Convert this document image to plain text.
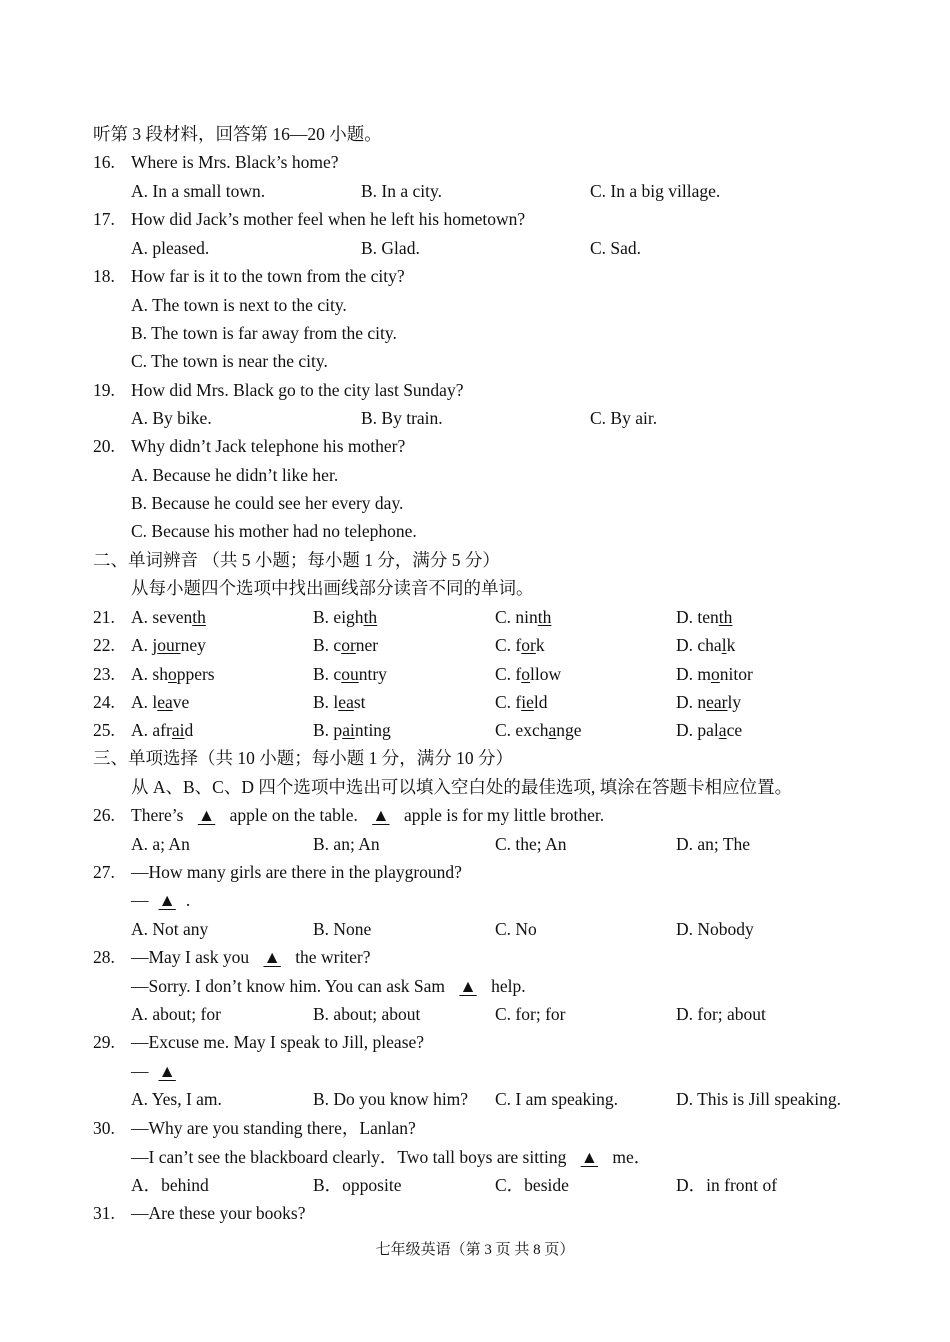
听第 3 段材料，回答第 16—20 小题。
16. Where is Mrs. Black’s home?
A. In a small town.	B. In a city.	C. In a big village.
17. How did Jack’s mother feel when he left his hometown?
A. pleased.	B. Glad.	C. Sad.
18. How far is it to the town from the city?
A. The town is next to the city.
B. The town is far away from the city.
C. The town is near the city.
19. How did Mrs. Black go to the city last Sunday?
A. By bike.	B. By train.	C. By air.
20. Why didn’t Jack telephone his mother?
A. Because he didn’t like her.
B. Because he could see her every day.
C. Because his mother had no telephone.
二、单词辨音 （共 5 小题；每小题 1 分，满分 5 分）
从每小题四个选项中找出画线部分读音不同的单词。
21. A. seventh	B. eighth	C. ninth	D. tenth
22. A. journey	B. corner	C. fork	D. chalk
23. A. shoppers	B. country	C. follow	D. monitor
24. A. leave	B. least	C. field	D. nearly
25. A. afraid	B. painting	C. exchange	D. palace
三、单项选择（共 10 小题；每小题 1 分，满分 10 分）
从 A、B、C、D 四个选项中选出可以填入空白处的最佳选项, 填涂在答题卡相应位置。
26. There’s ▲ apple on the table. ▲ apple is for my little brother.
A. a; An	B. an; An	C. the; An	D. an; The
27. —How many girls are there in the playground?
— ▲ .
A. Not any	B. None	C. No	D. Nobody
28. —May I ask you ▲ the writer?
—Sorry. I don’t know him. You can ask Sam ▲ help.
A. about; for	B. about; about	C. for; for	D. for; about
29. —Excuse me. May I speak to Jill, please?
— ▲
A. Yes, I am.	B. Do you know him? C. I am speaking.	D. This is Jill speaking.
30. —Why are you standing there，Lanlan?
—I can’t see the blackboard clearly．Two tall boys are sitting ▲ me．
A．behind	B．opposite	C．beside	D．in front of
31. —Are these your books?
七年级英语（第 3 页 共 8 页）
